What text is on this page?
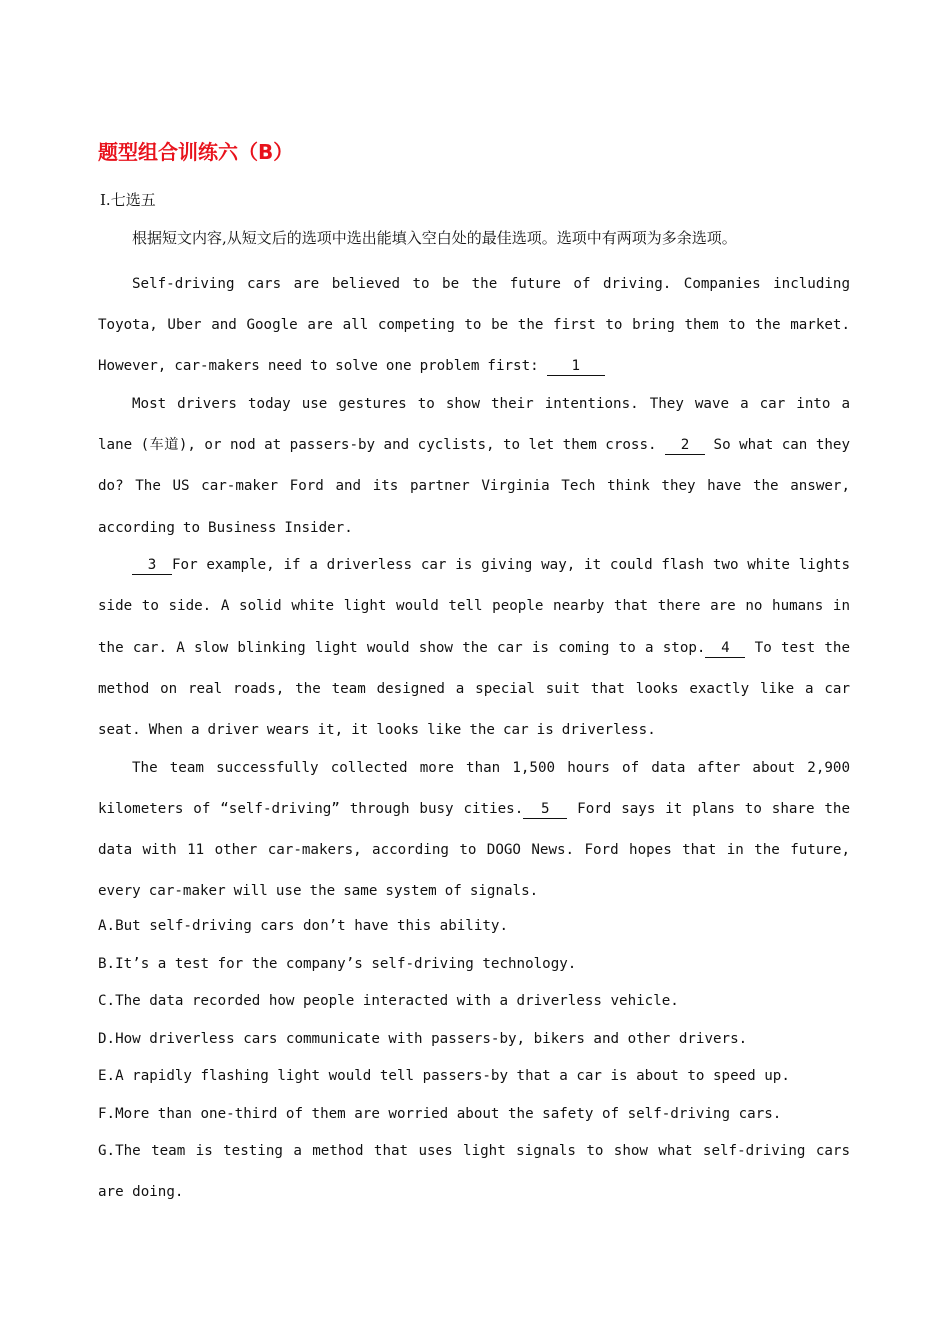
题型组合训练六（B）
Ⅰ.七选五
根据短文内容,从短文后的选项中选出能填入空白处的最佳选项。选项中有两项为多余选项。

Self-driving cars are believed to be the future of driving. Companies including Toyota, Uber and Google are all competing to be the first to bring them to the market. However, car-makers need to solve one problem first: 1

Most drivers today use gestures to show their intentions. They wave a car into a lane (车道), or nod at passers-by and cyclists, to let them cross. 2 So what can they do? The US car-maker Ford and its partner Virginia Tech think they have the answer, according to Business Insider.

3 For example, if a driverless car is giving way, it could flash two white lights side to side. A solid white light would tell people nearby that there are no humans in the car. A slow blinking light would show the car is coming to a stop. 4 To test the method on real roads, the team designed a special suit that looks exactly like a car seat. When a driver wears it, it looks like the car is driverless.

The team successfully collected more than 1,500 hours of data after about 2,900 kilometers of “self-driving” through busy cities. 5 Ford says it plans to share the data with 11 other car-makers, according to DOGO News. Ford hopes that in the future, every car-maker will use the same system of signals.

A.But self-driving cars don’t have this ability.
B.It’s a test for the company’s self-driving technology.
C.The data recorded how people interacted with a driverless vehicle.
D.How driverless cars communicate with passers-by, bikers and other drivers.
E.A rapidly flashing light would tell passers-by that a car is about to speed up.
F.More than one-third of them are worried about the safety of self-driving cars.
G.The team is testing a method that uses light signals to show what self-driving cars are doing.
